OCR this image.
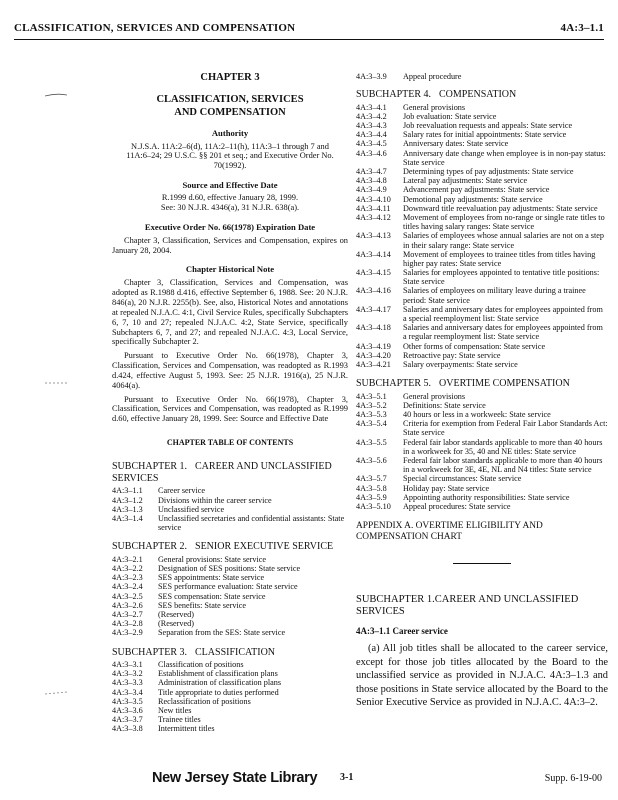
CLASSIFICATION, SERVICES AND COMPENSATION	4A:3–1.1
CHAPTER 3
CLASSIFICATION, SERVICES
AND COMPENSATION
Authority
N.J.S.A. 11A:2–6(d), 11A:2–11(h), 11A:3–1 through 7 and 11A:6–24; 29 U.S.C. §§ 201 et seq.; and Executive Order No. 70(1992).
Source and Effective Date
R.1999 d.60, effective January 28, 1999.
See: 30 N.J.R. 4346(a), 31 N.J.R. 638(a).
Executive Order No. 66(1978) Expiration Date

Chapter 3, Classification, Services and Compensation, expires on January 28, 2004.

Chapter Historical Note

Chapter 3, Classification, Services and Compensation, was adopted as R.1988 d.416, effective September 6, 1988. See: 20 N.J.R. 846(a), 20 N.J.R. 2255(b). See, also, Historical Notes and annotations at repealed N.J.A.C. 4:1, Civil Service Rules, specifically Subchapters 6, 7, 10 and 27; repealed N.J.A.C. 4:2, State Service, specifically Subchapters 6, 7, and 27; and repealed N.J.A.C. 4:3, Local Service, specifically Subchapter 2.

Pursuant to Executive Order No. 66(1978), Chapter 3, Classification, Services and Compensation, was readopted as R.1993 d.424, effective August 5, 1993. See: 25 N.J.R. 1916(a), 25 N.J.R. 4064(a).

Pursuant to Executive Order No. 66(1978), Chapter 3, Classification, Services and Compensation, was readopted as R.1999 d.60, effective January 28, 1999. See: Source and Effective Date

CHAPTER TABLE OF CONTENTS
SUBCHAPTER 1. CAREER AND UNCLASSIFIED SERVICES
4A:3–1.1	Career service
4A:3–1.2	Divisions within the career service
4A:3–1.3	Unclassified service
4A:3–1.4	Unclassified secretaries and confidential assistants: State service
SUBCHAPTER 2. SENIOR EXECUTIVE SERVICE
4A:3–2.1	General provisions: State service
4A:3–2.2	Designation of SES positions: State service
4A:3–2.3	SES appointments: State service
4A:3–2.4	SES performance evaluation: State service
4A:3–2.5	SES compensation: State service
4A:3–2.6	SES benefits: State service
4A:3–2.7	(Reserved)
4A:3–2.8	(Reserved)
4A:3–2.9	Separation from the SES: State service
SUBCHAPTER 3. CLASSIFICATION
4A:3–3.1	Classification of positions
4A:3–3.2	Establishment of classification plans
4A:3–3.3	Administration of classification plans
4A:3–3.4	Title appropriate to duties performed
4A:3–3.5	Reclassification of positions
4A:3–3.6	New titles
4A:3–3.7	Trainee titles
4A:3–3.8	Intermittent titles
4A:3–3.9	Appeal procedure
SUBCHAPTER 4. COMPENSATION
4A:3–4.1	General provisions
4A:3–4.2	Job evaluation: State service
4A:3–4.3	Job reevaluation requests and appeals: State service
4A:3–4.4	Salary rates for initial appointments: State service
4A:3–4.5	Anniversary dates: State service
4A:3–4.6	Anniversary date change when employee is in non-pay status: State service
4A:3–4.7	Determining types of pay adjustments: State service
4A:3–4.8	Lateral pay adjustments: State service
4A:3–4.9	Advancement pay adjustments: State service
4A:3–4.10	Demotional pay adjustments: State service
4A:3–4.11	Downward title reevaluation pay adjustments: State service
4A:3–4.12	Movement of employees from no-range or single rate titles to titles having salary ranges: State service
4A:3–4.13	Salaries of employees whose annual salaries are not on a step in their salary range: State service
4A:3–4.14	Movement of employees to trainee titles from titles having higher pay rates: State service
4A:3–4.15	Salaries for employees appointed to tentative title positions: State service
4A:3–4.16	Salaries of employees on military leave during a trainee period: State service
4A:3–4.17	Salaries and anniversary dates for employees appointed from a special reemployment list: State service
4A:3–4.18	Salaries and anniversary dates for employees appointed from a regular reemployment list: State service
4A:3–4.19	Other forms of compensation: State service
4A:3–4.20	Retroactive pay: State service
4A:3–4.21	Salary overpayments: State service
SUBCHAPTER 5. OVERTIME COMPENSATION
4A:3–5.1	General provisions
4A:3–5.2	Definitions: State service
4A:3–5.3	40 hours or less in a workweek: State service
4A:3–5.4	Criteria for exemption from Federal Fair Labor Standards Act: State service
4A:3–5.5	Federal fair labor standards applicable to more than 40 hours in a workweek for 35, 40 and NE titles: State service
4A:3–5.6	Federal fair labor standards applicable to more than 40 hours in a workweek for 3E, 4E, NL and N4 titles: State service
4A:3–5.7	Special circumstances: State service
4A:3–5.8	Holiday pay: State service
4A:3–5.9	Appointing authority responsibilities: State service
4A:3–5.10	Appeal procedures: State service
APPENDIX A. OVERTIME ELIGIBILITY AND COMPENSATION CHART
SUBCHAPTER 1.CAREER AND UNCLASSIFIED SERVICES
4A:3–1.1 Career service
(a) All job titles shall be allocated to the career service, except for those job titles allocated by the Board to the unclassified service as provided in N.J.A.C. 4A:3–1.3 and those positions in State service allocated by the Board to the Senior Executive Service as provided in N.J.A.C. 4A:3–2.
New Jersey State Library 3-1	Supp. 6-19-00
